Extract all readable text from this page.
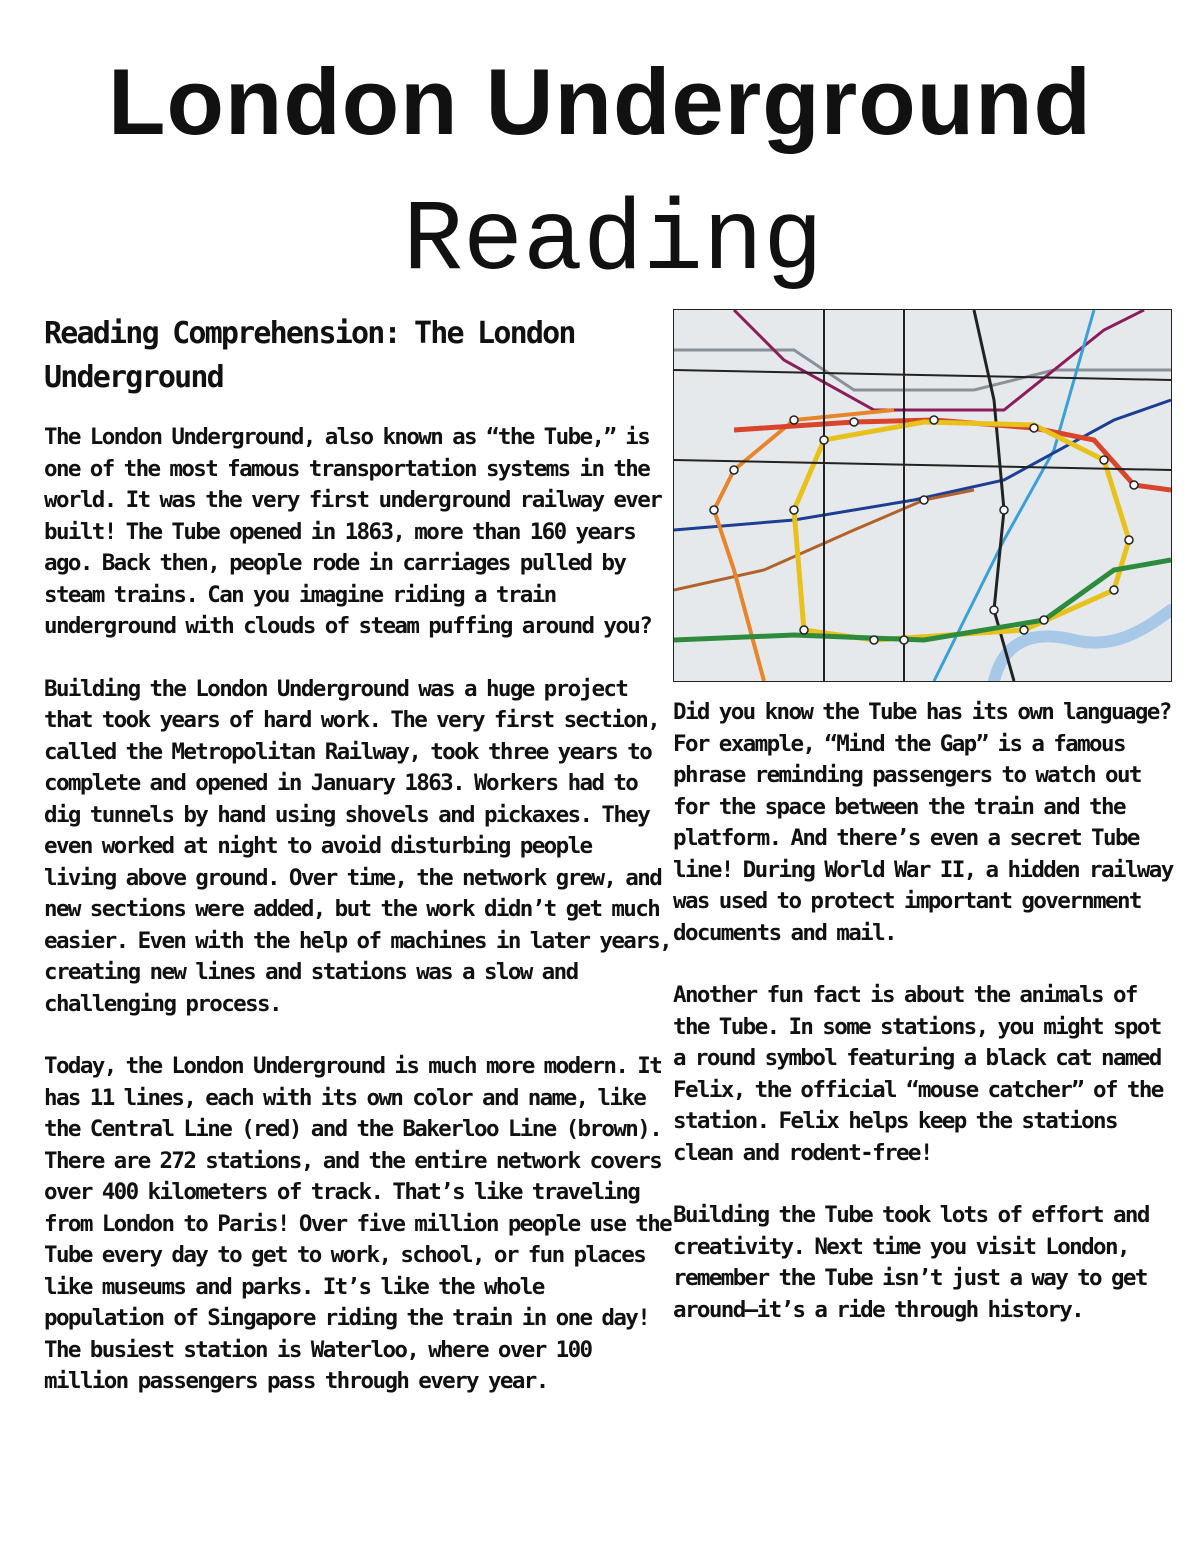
London Underground
Reading
Reading Comprehension: The London Underground

The London Underground, also known as “the Tube,” is one of the most famous transportation systems in the world. It was the very first underground railway ever built! The Tube opened in 1863, more than 160 years ago. Back then, people rode in carriages pulled by steam trains. Can you imagine riding a train underground with clouds of steam puffing around you?

Building the London Underground was a huge project that took years of hard work. The very first section, called the Metropolitan Railway, took three years to complete and opened in January 1863. Workers had to dig tunnels by hand using shovels and pickaxes. They even worked at night to avoid disturbing people living above ground. Over time, the network grew, and new sections were added, but the work didn’t get much easier. Even with the help of machines in later years, creating new lines and stations was a slow and challenging process.

Today, the London Underground is much more modern. It has 11 lines, each with its own color and name, like the Central Line (red) and the Bakerloo Line (brown). There are 272 stations, and the entire network covers over 400 kilometers of track. That’s like traveling from London to Paris! Over five million people use the Tube every day to get to work, school, or fun places like museums and parks. It’s like the whole population of Singapore riding the train in one day! The busiest station is Waterloo, where over 100 million passengers pass through every year.

Did you know the Tube has its own language? For example, “Mind the Gap” is a famous phrase reminding passengers to watch out for the space between the train and the platform. And there’s even a secret Tube line! During World War II, a hidden railway was used to protect important government documents and mail.

Another fun fact is about the animals of the Tube. In some stations, you might spot a round symbol featuring a black cat named Felix, the official “mouse catcher” of the station. Felix helps keep the stations clean and rodent-free!

Building the Tube took lots of effort and creativity. Next time you visit London, remember the Tube isn’t just a way to get around—it’s a ride through history.
